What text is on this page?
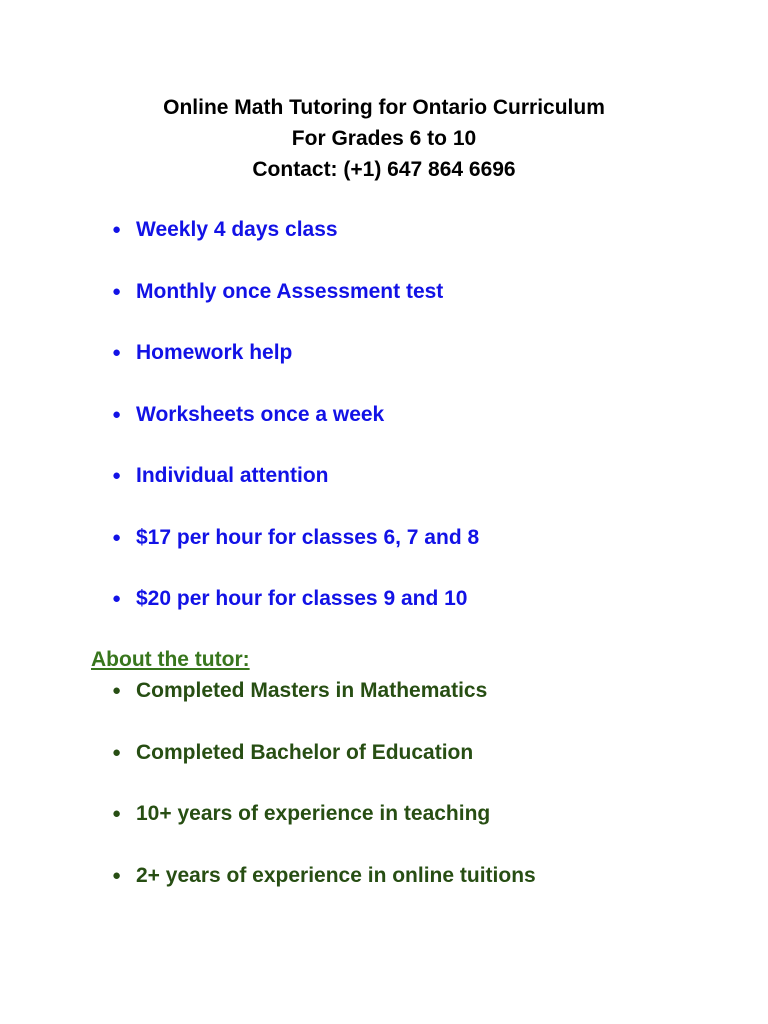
Online Math Tutoring for Ontario Curriculum
For Grades 6 to 10
Contact: (+1) 647 864 6696
● Weekly 4 days class
● Monthly once Assessment test
● Homework help
● Worksheets once a week
● Individual attention
● $17 per hour for classes 6, 7 and 8
● $20 per hour for classes 9 and 10
About the tutor:
● Completed Masters in Mathematics
● Completed Bachelor of Education
● 10+ years of experience in teaching
● 2+ years of experience in online tuitions
